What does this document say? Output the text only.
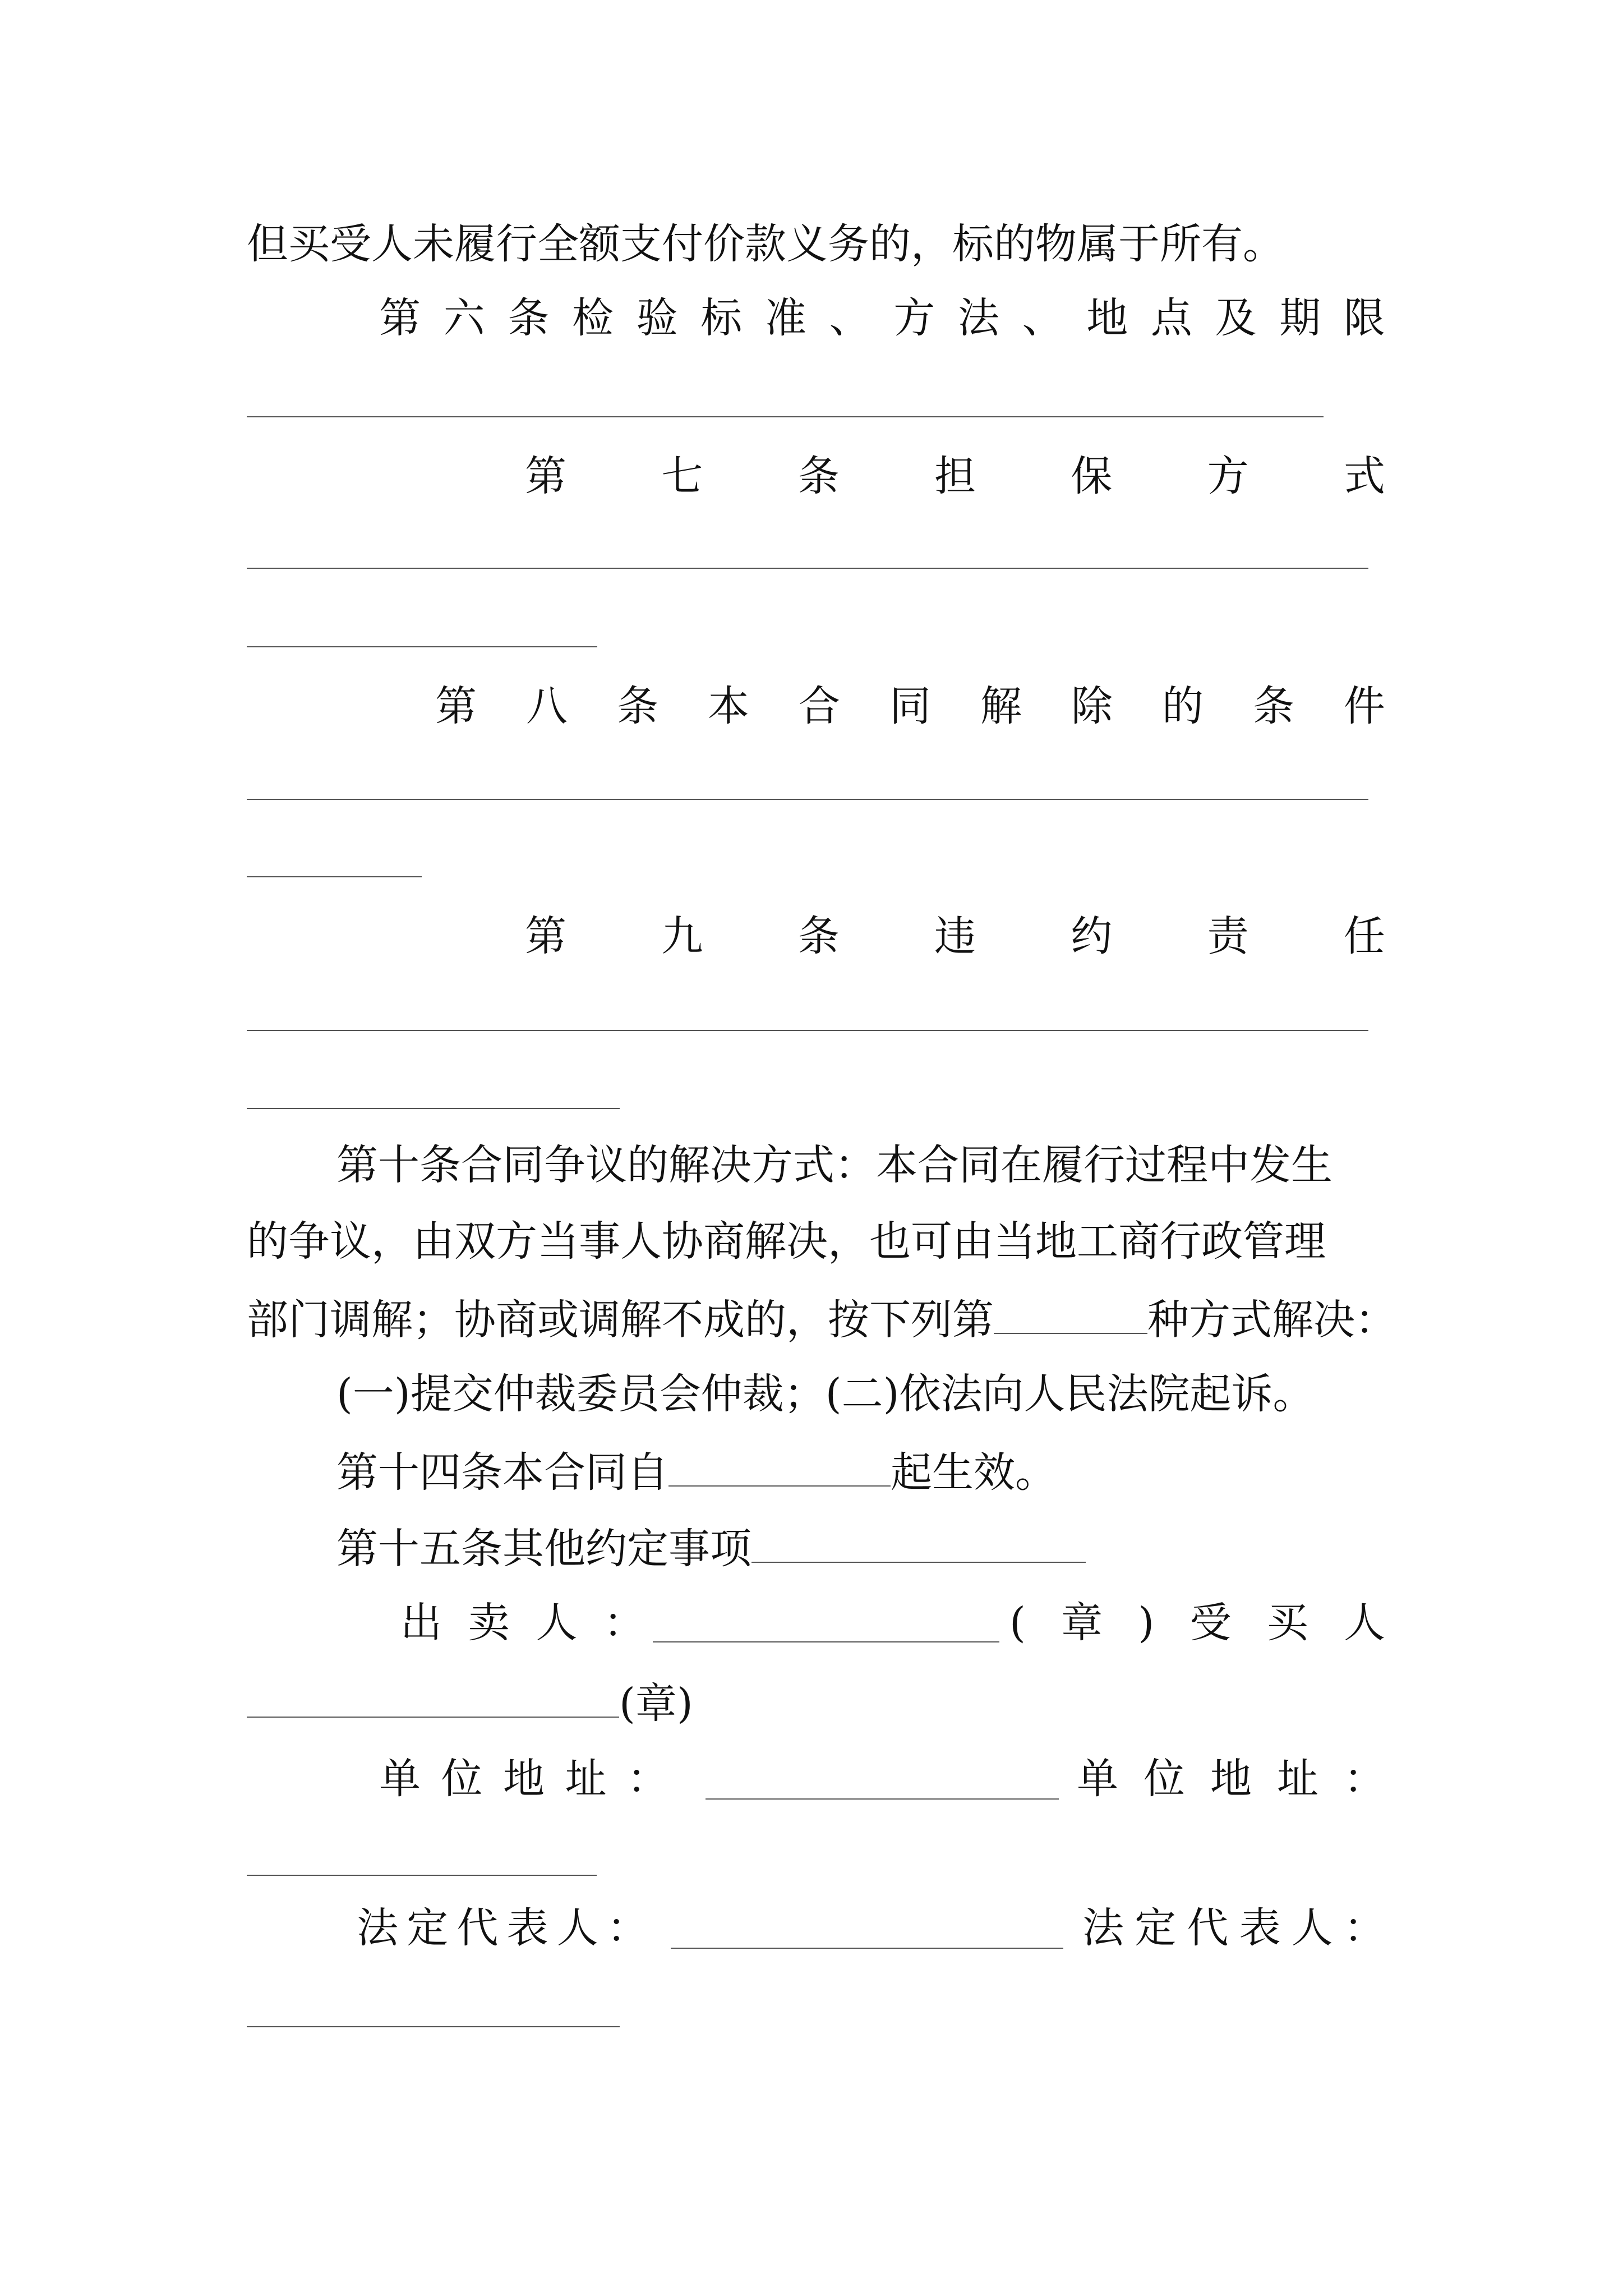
但买受人未履行全额支付价款义务的，标的物属于所有。
第 六 条 检 验 标 准 、 方 法 、 地 点 及 期 限
第 七 条 担 保 方 式
第 八 条 本 合 同 解 除 的 条 件
第 九 条 违 约 责 任
第十条合同争议的解决方式：本合同在履行过程中发生
的争议，由双方当事人协商解决，也可由当地工商行政管理
部门调解；协商或调解不成的，按下列第	种方式解决：
(一)提交仲裁委员会仲裁；(二)依法向人民法院起诉。
第十四条本合同自	起生效。
第十五条其他约定事项
出 卖 人 ：	( 章 ) 受 买 人
(章)
单 位 地 址 ：	单 位 地 址 ：
法 定 代 表 人 ：	法 定 代 表 人 ：
